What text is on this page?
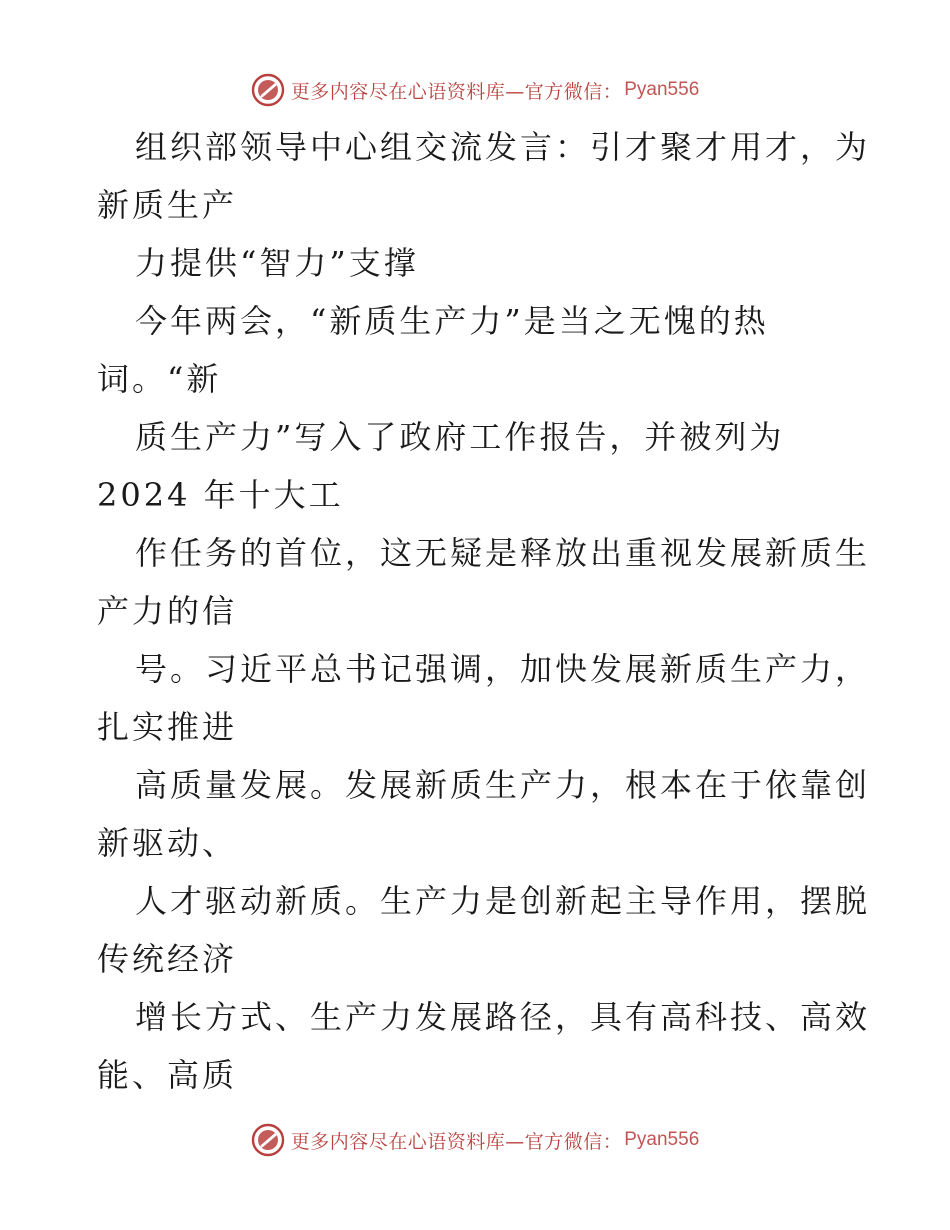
更多内容尽在心语资料库—官方微信： Pyan556
组织部领导中心组交流发言：引才聚才用才，为
新质生产
力提供“智力”支撑
今年两会，“新质生产力”是当之无愧的热
词。“新
质生产力”写入了政府工作报告，并被列为
2024 年十大工
作任务的首位，这无疑是释放出重视发展新质生
产力的信
号。习近平总书记强调，加快发展新质生产力，
扎实推进
高质量发展。发展新质生产力，根本在于依靠创
新驱动、
人才驱动新质。生产力是创新起主导作用，摆脱
传统经济
增长方式、生产力发展路径，具有高科技、高效
能、高质
更多内容尽在心语资料库—官方微信： Pyan556
